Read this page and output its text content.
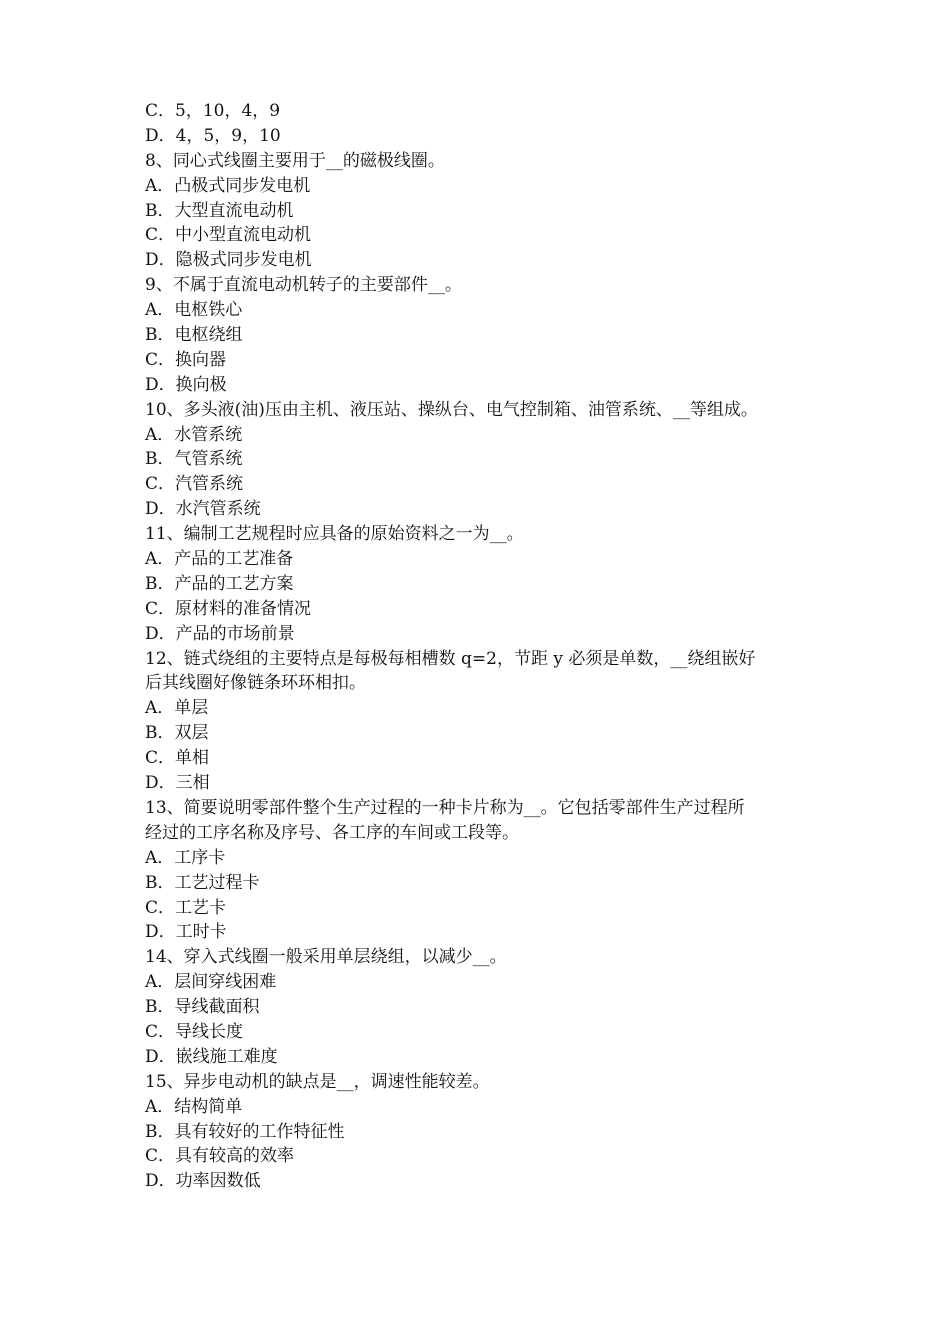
C．5，10，4，9
D．4，5，9，10
8、同心式线圈主要用于__的磁极线圈。
A．凸极式同步发电机
B．大型直流电动机
C．中小型直流电动机
D．隐极式同步发电机
9、不属于直流电动机转子的主要部件__。
A．电枢铁心
B．电枢绕组
C．换向器
D．换向极
10、多头液(油)压由主机、液压站、操纵台、电气控制箱、油管系统、__等组成。
A．水管系统
B．气管系统
C．汽管系统
D．水汽管系统
11、编制工艺规程时应具备的原始资料之一为__。
A．产品的工艺准备
B．产品的工艺方案
C．原材料的准备情况
D．产品的市场前景
12、链式绕组的主要特点是每极每相槽数 q=2，节距 y 必须是单数，__绕组嵌好
后其线圈好像链条环环相扣。
A．单层
B．双层
C．单相
D．三相
13、简要说明零部件整个生产过程的一种卡片称为__。它包括零部件生产过程所
经过的工序名称及序号、各工序的车间或工段等。
A．工序卡
B．工艺过程卡
C．工艺卡
D．工时卡
14、穿入式线圈一般采用单层绕组，以减少__。
A．层间穿线困难
B．导线截面积
C．导线长度
D．嵌线施工难度
15、异步电动机的缺点是__，调速性能较差。
A．结构简单
B．具有较好的工作特征性
C．具有较高的效率
D．功率因数低
